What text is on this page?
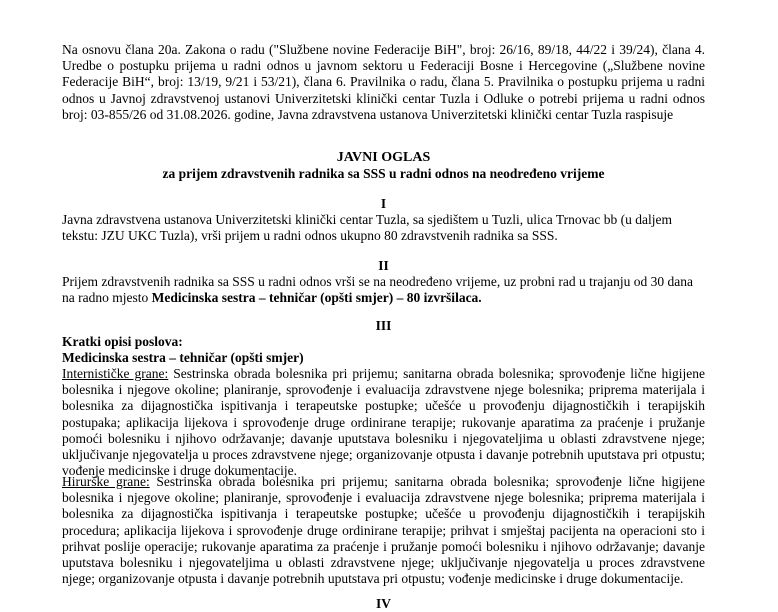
Na osnovu člana 20a. Zakona o radu ("Službene novine Federacije BiH", broj: 26/16, 89/18, 44/22 i 39/24), člana 4. Uredbe o postupku prijema u radni odnos u javnom sektoru u Federaciji Bosne i Hercegovine („Službene novine Federacije BiH“, broj: 13/19, 9/21 i 53/21), člana 6. Pravilnika o radu, člana 5. Pravilnika o postupku prijema u radni odnos u Javnoj zdravstvenoj ustanovi Univerzitetski klinički centar Tuzla i Odluke o potrebi prijema u radni odnos broj: 03-855/26 od 31.08.2026. godine, Javna zdravstvena ustanova Univerzitetski klinički centar Tuzla raspisuje
JAVNI OGLAS
za prijem zdravstvenih radnika sa SSS u radni odnos na neodređeno vrijeme
I
Javna zdravstvena ustanova Univerzitetski klinički centar Tuzla, sa sjedištem u Tuzli, ulica Trnovac bb (u daljem tekstu: JZU UKC Tuzla), vrši prijem u radni odnos ukupno 80 zdravstvenih radnika sa SSS.
II
Prijem zdravstvenih radnika sa SSS u radni odnos vrši se na neodređeno vrijeme, uz probni rad u trajanju od 30 dana na radno mjesto Medicinska sestra – tehničar (opšti smjer) – 80 izvršilaca.
III
Kratki opisi poslova:
Medicinska sestra – tehničar (opšti smjer)
Internističke grane: Sestrinska obrada bolesnika pri prijemu; sanitarna obrada bolesnika; sprovođenje lične higijene bolesnika i njegove okoline; planiranje, sprovođenje i evaluacija zdravstvene njege bolesnika; priprema materijala i bolesnika za dijagnostička ispitivanja i terapeutske postupke; učešće u provođenju dijagnostičkih i terapijskih postupaka; aplikacija lijekova i sprovođenje druge ordinirane terapije; rukovanje aparatima za praćenje i pružanje pomoći bolesniku i njihovo održavanje; davanje uputstava bolesniku i njegovateljima u oblasti zdravstvene njege; uključivanje njegovatelja u proces zdravstvene njege; organizovanje otpusta i davanje potrebnih uputstava pri otpustu; vođenje medicinske i druge dokumentacije.
Hirurške grane: Sestrinska obrada bolesnika pri prijemu; sanitarna obrada bolesnika; sprovođenje lične higijene bolesnika i njegove okoline; planiranje, sprovođenje i evaluacija zdravstvene njege bolesnika; priprema materijala i bolesnika za dijagnostička ispitivanja i terapeutske postupke; učešće u provođenju dijagnostičkih i terapijskih procedura; aplikacija lijekova i sprovođenje druge ordinirane terapije; prihvat i smještaj pacijenta na operacioni sto i prihvat poslije operacije; rukovanje aparatima za praćenje i pružanje pomoći bolesniku i njihovo održavanje; davanje uputstava bolesniku i njegovateljima u oblasti zdravstvene njege; uključivanje njegovatelja u proces zdravstvene njege; organizovanje otpusta i davanje potrebnih uputstava pri otpustu; vođenje medicinske i druge dokumentacije.
IV
